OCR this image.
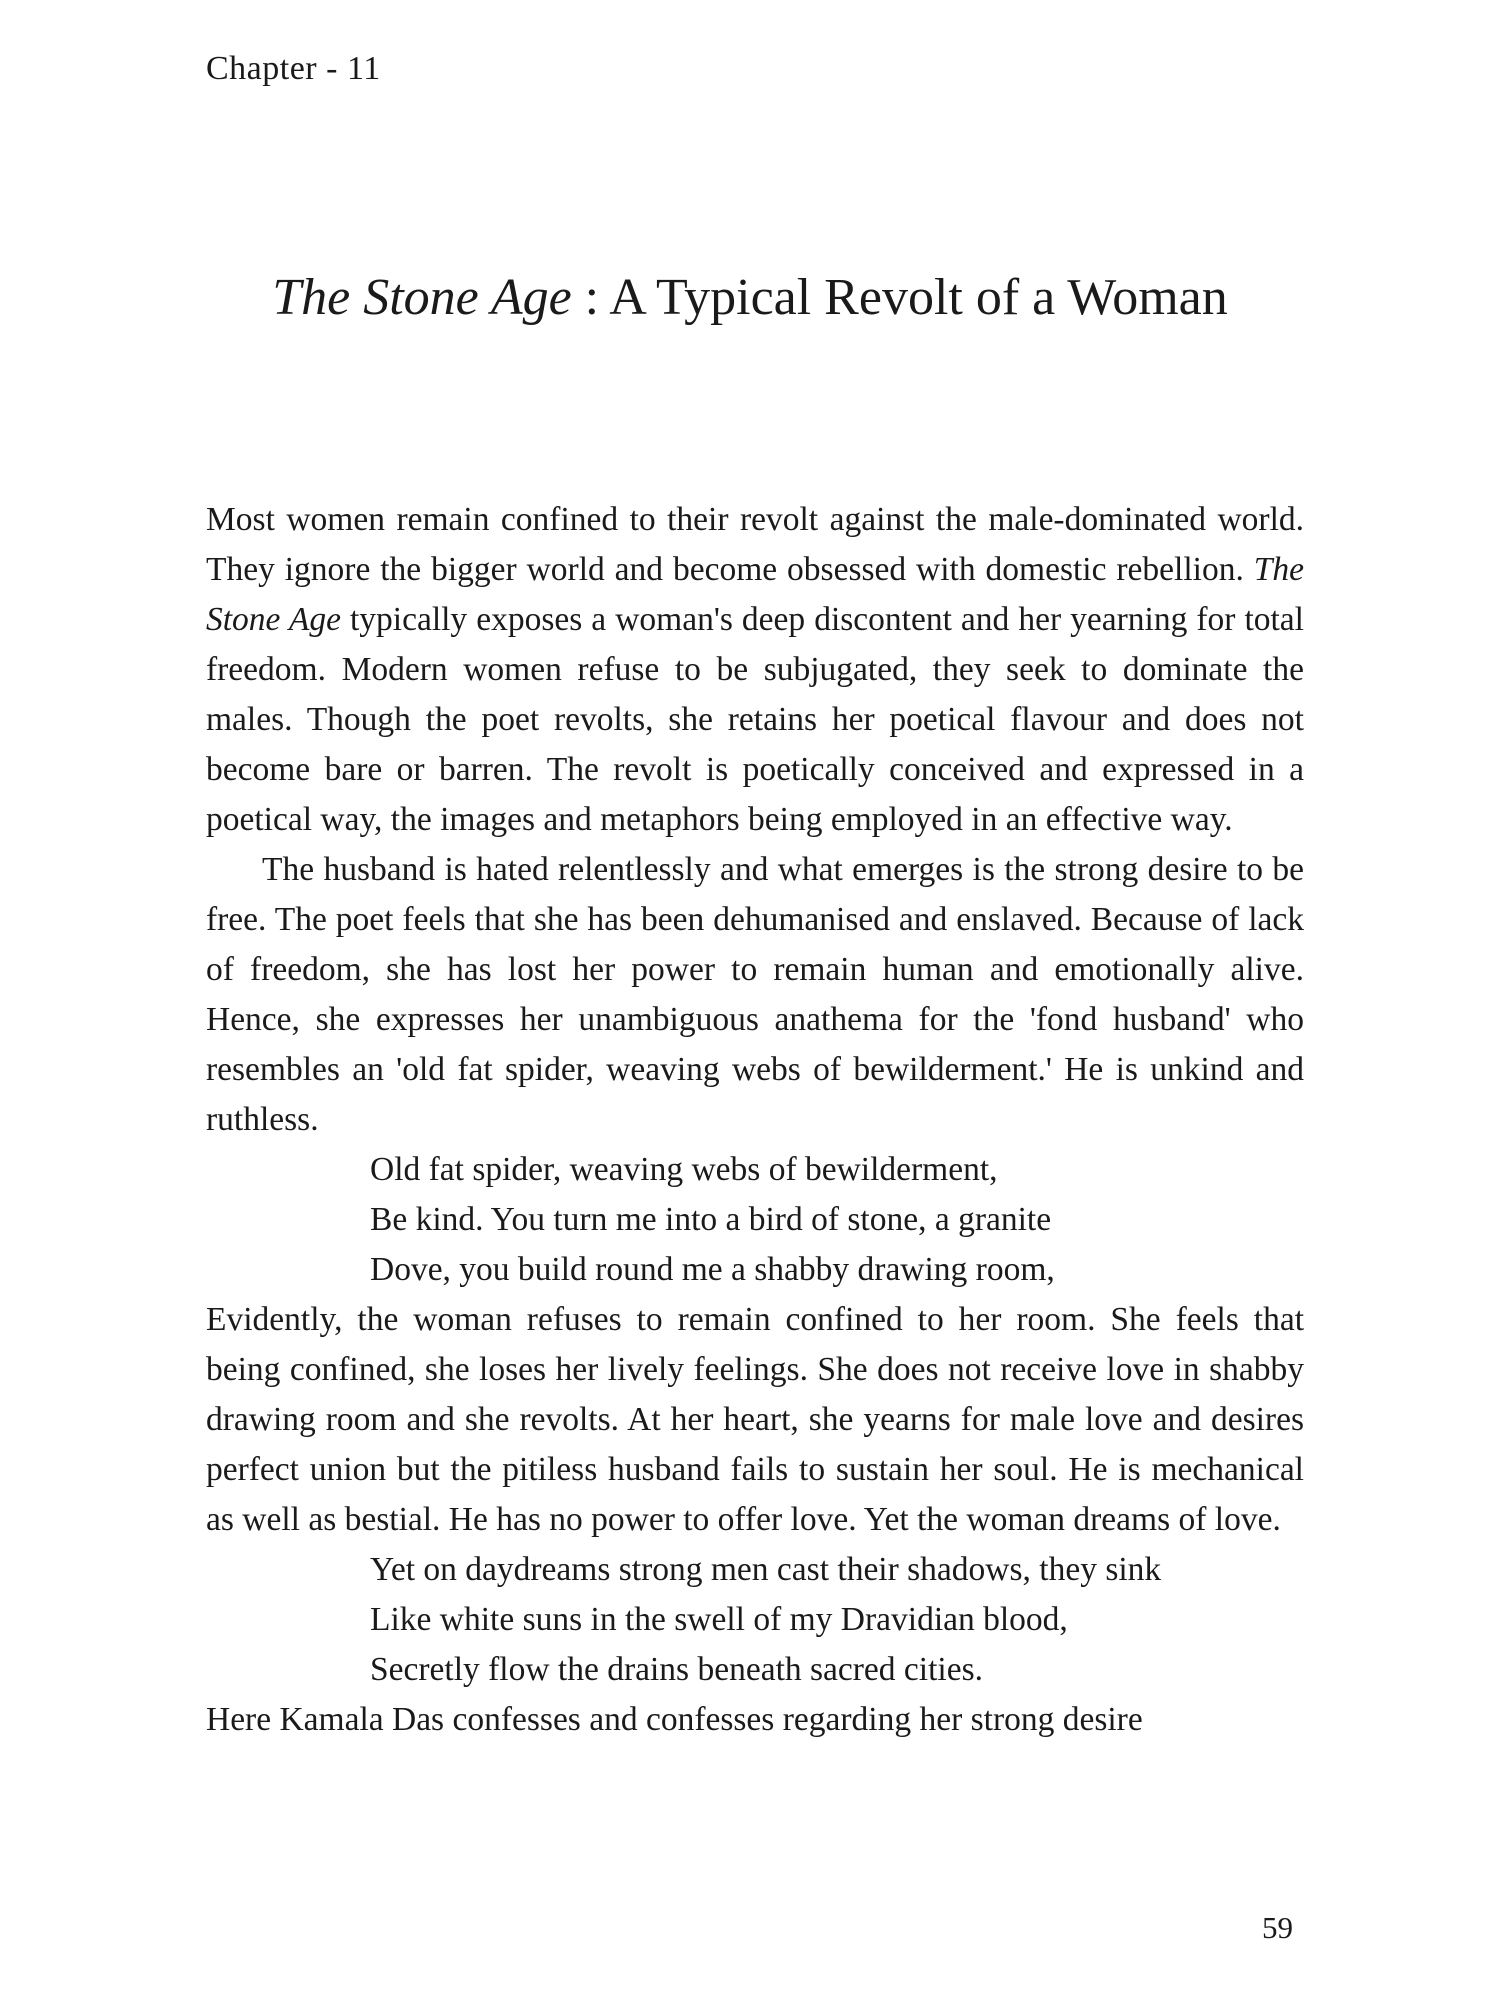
Chapter - 11
The Stone Age : A Typical Revolt of a Woman

Most women remain confined to their revolt against the male-dominated world. They ignore the bigger world and become obsessed with domestic rebellion. The Stone Age typically exposes a woman's deep discontent and her yearning for total freedom. Modern women refuse to be subjugated, they seek to dominate the males. Though the poet revolts, she retains her poetical flavour and does not become bare or barren. The revolt is poetically conceived and expressed in a poetical way, the images and metaphors being employed in an effective way.

The husband is hated relentlessly and what emerges is the strong desire to be free. The poet feels that she has been dehumanised and enslaved. Because of lack of freedom, she has lost her power to remain human and emotionally alive. Hence, she expresses her unambiguous anathema for the 'fond husband' who resembles an 'old fat spider, weaving webs of bewilderment.' He is unkind and ruthless.

Old fat spider, weaving webs of bewilderment,
Be kind. You turn me into a bird of stone, a granite
Dove, you build round me a shabby drawing room,

Evidently, the woman refuses to remain confined to her room. She feels that being confined, she loses her lively feelings. She does not receive love in shabby drawing room and she revolts. At her heart, she yearns for male love and desires perfect union but the pitiless husband fails to sustain her soul. He is mechanical as well as bestial. He has no power to offer love. Yet the woman dreams of love.

Yet on daydreams strong men cast their shadows, they sink
Like white suns in the swell of my Dravidian blood,
Secretly flow the drains beneath sacred cities.

Here Kamala Das confesses and confesses regarding her strong desire

59
